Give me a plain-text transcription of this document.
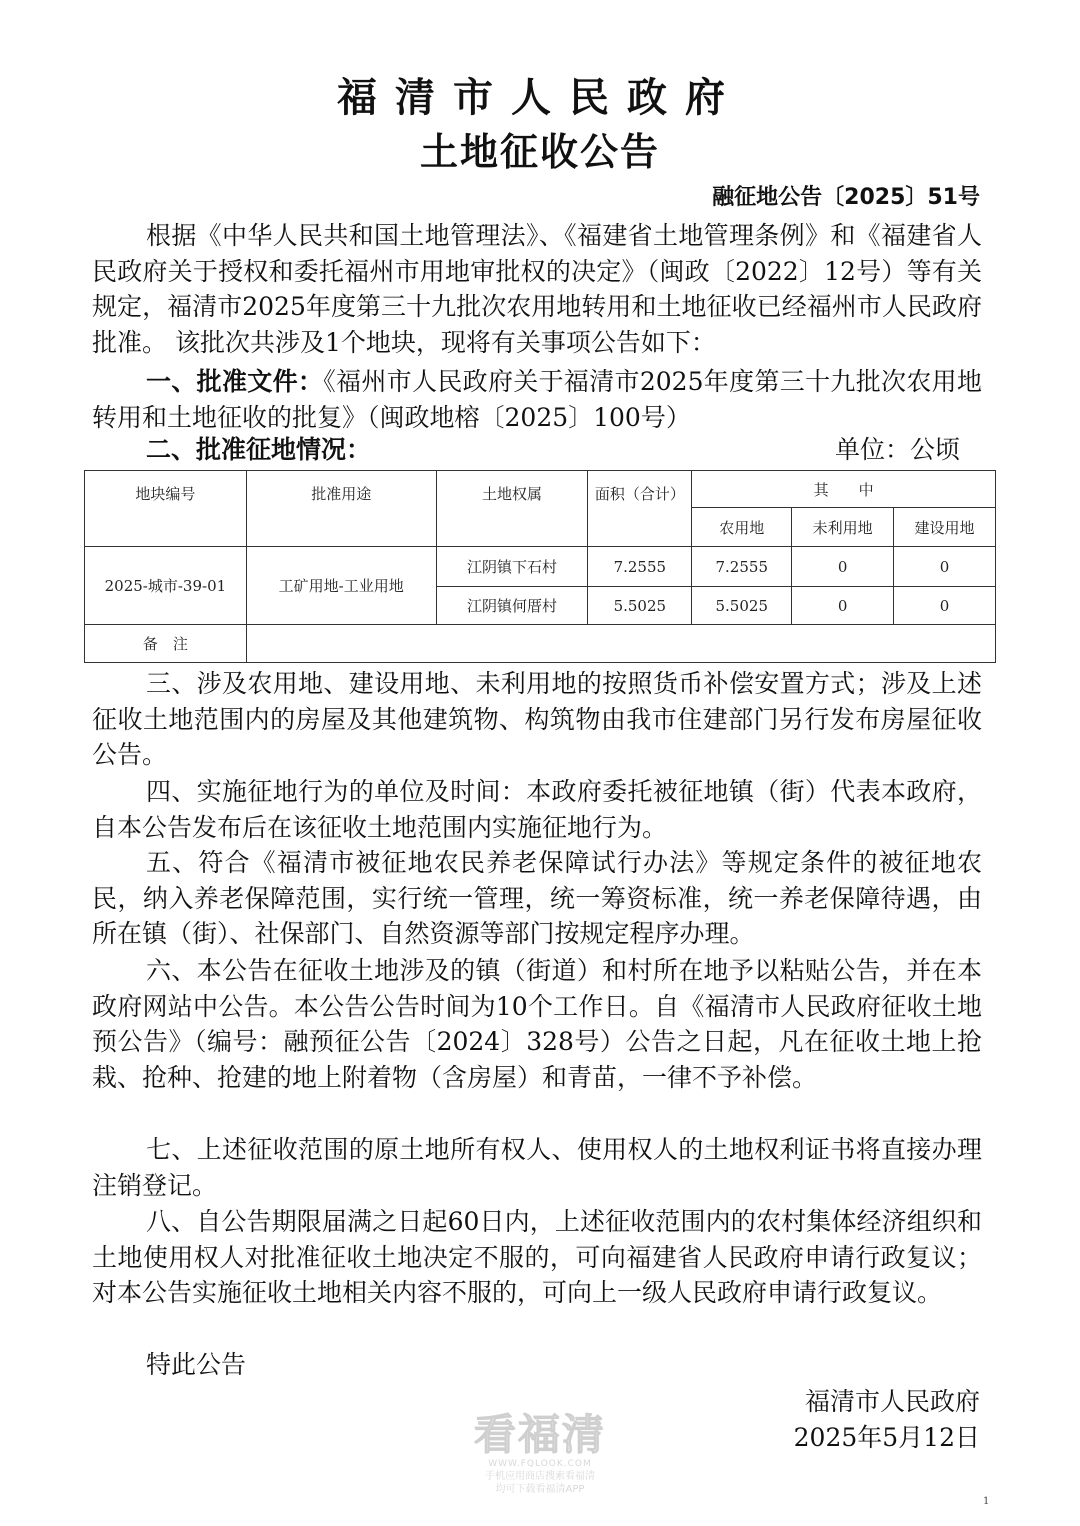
福清市人民政府
土地征收公告
融征地公告〔2025〕51号
根据《中华人民共和国土地管理法》、《福建省土地管理条例》和《福建省人民政府关于授权和委托福州市用地审批权的决定》（闽政〔2022〕12号）等有关规定，福清市2025年度第三十九批次农用地转用和土地征收已经福州市人民政府批准。 该批次共涉及1个地块，现将有关事项公告如下：
一、批准文件：《福州市人民政府关于福清市2025年度第三十九批次农用地转用和土地征收的批复》（闽政地榕〔2025〕100号）
二、批准征地情况：	单位：公顷
地块编号	批准用途	土地权属	面积（合计）	其　　中		
				农用地	未利用地	建设用地
2025-城市-39-01	工矿用地-工业用地	江阴镇下石村	7.2555	7.2555	0	0
		江阴镇何厝村	5.5025	5.5025	0	0
备　注						
三、涉及农用地、建设用地、未利用地的按照货币补偿安置方式；涉及上述征收土地范围内的房屋及其他建筑物、构筑物由我市住建部门另行发布房屋征收公告。
四、实施征地行为的单位及时间：本政府委托被征地镇（街）代表本政府，自本公告发布后在该征收土地范围内实施征地行为。
五、符合《福清市被征地农民养老保障试行办法》等规定条件的被征地农民，纳入养老保障范围，实行统一管理，统一筹资标准，统一养老保障待遇，由所在镇（街）、社保部门、自然资源等部门按规定程序办理。
六、本公告在征收土地涉及的镇（街道）和村所在地予以粘贴公告，并在本政府网站中公告。本公告公告时间为10个工作日。自《福清市人民政府征收土地预公告》（编号：融预征公告〔2024〕328号）公告之日起，凡在征收土地上抢栽、抢种、抢建的地上附着物（含房屋）和青苗，一律不予补偿。
七、上述征收范围的原土地所有权人、使用权人的土地权利证书将直接办理注销登记。
八、自公告期限届满之日起60日内，上述征收范围内的农村集体经济组织和土地使用权人对批准征收土地决定不服的，可向福建省人民政府申请行政复议；对本公告实施征收土地相关内容不服的，可向上一级人民政府申请行政复议。
特此公告
福清市人民政府
2025年5月12日
看福清
WWW.FQLOOK.COM
手机应用商店搜索看福清
均可下载看福清APP
1
